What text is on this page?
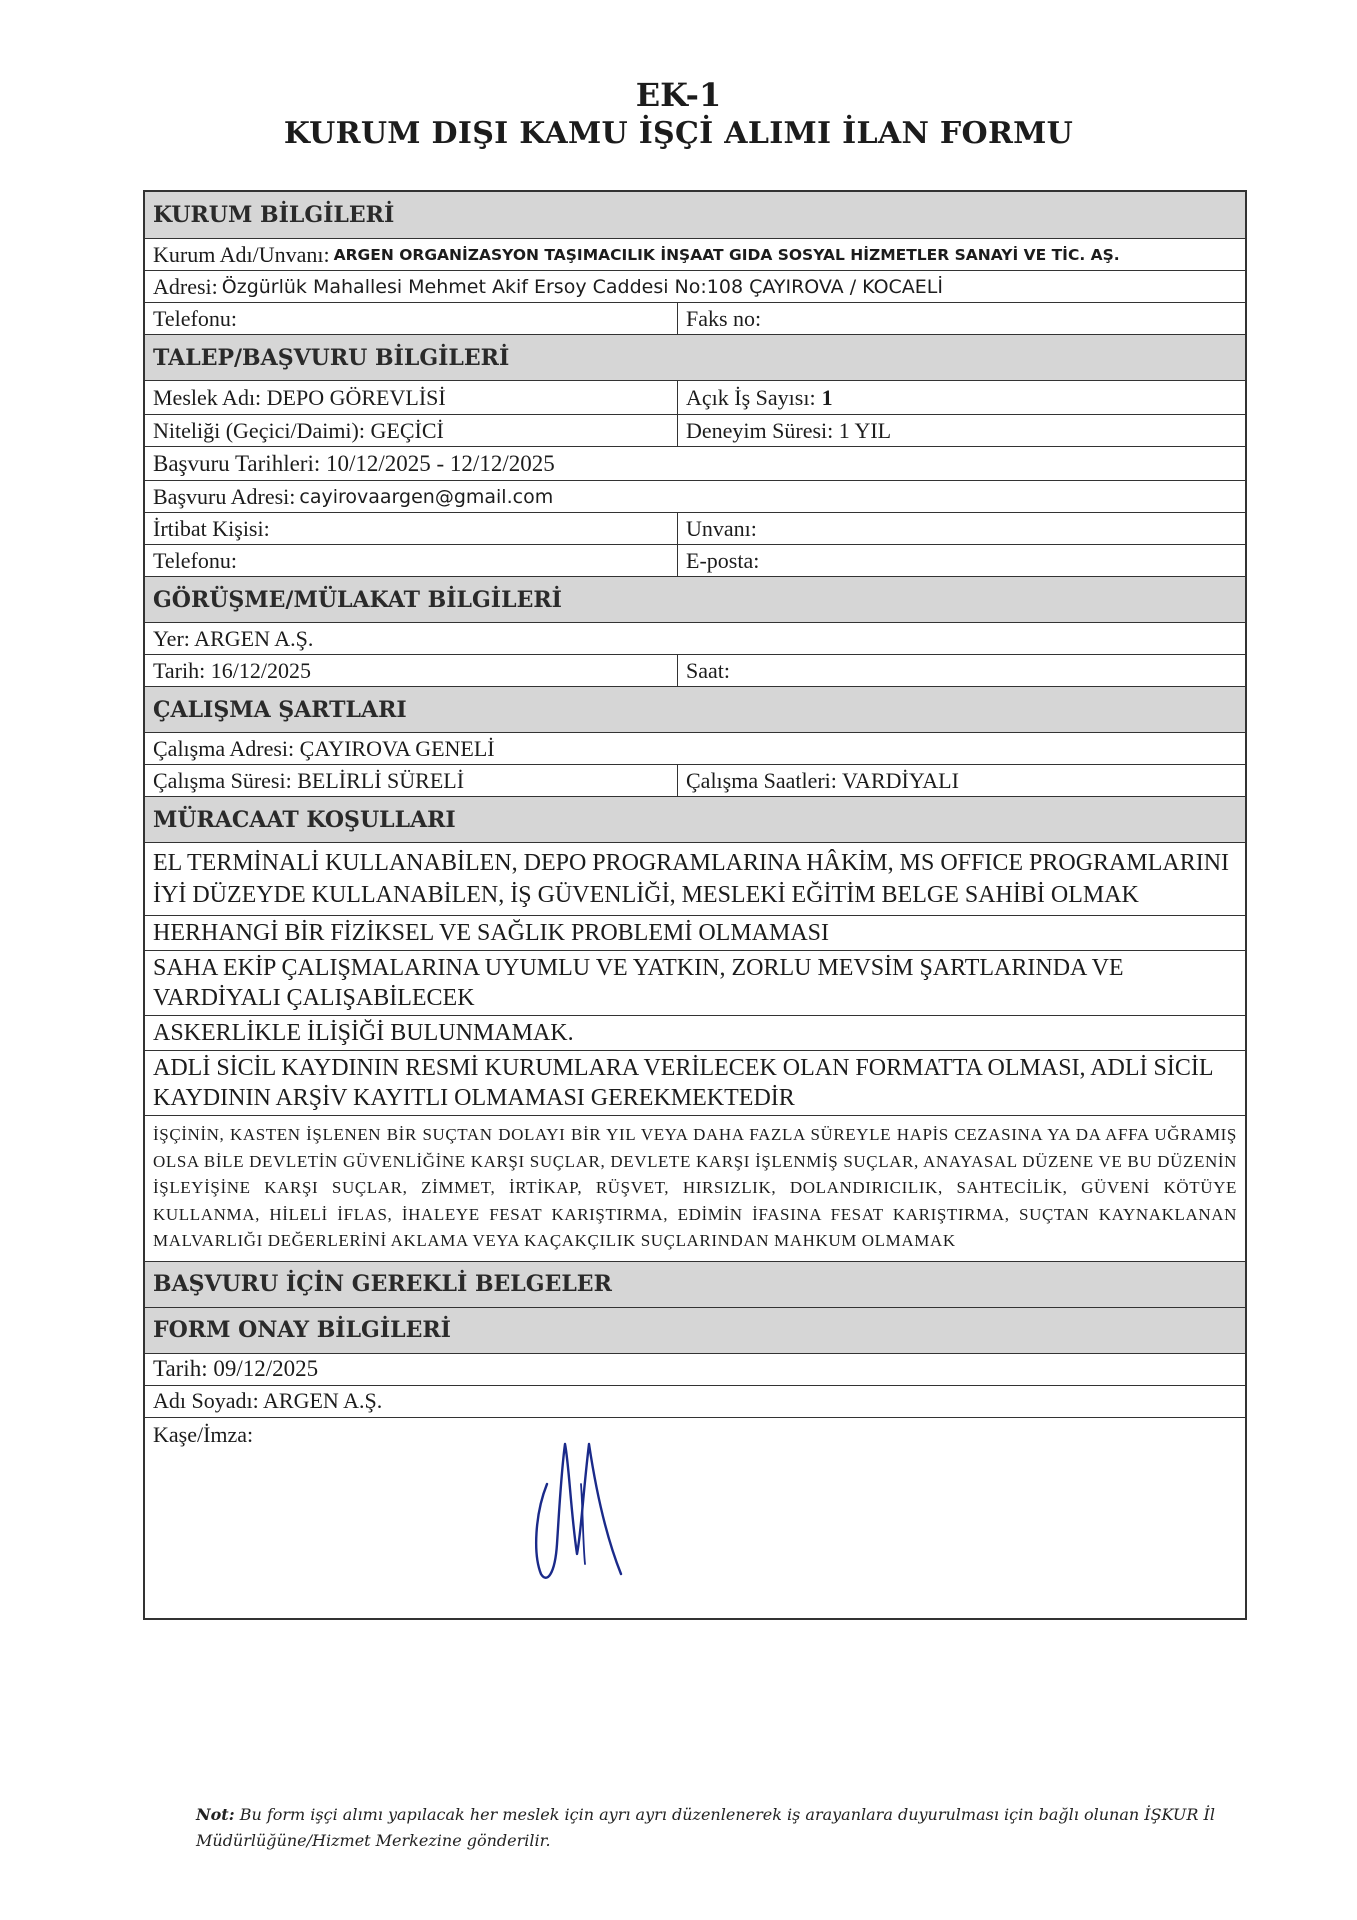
EK-1
KURUM DIŞI KAMU İŞÇİ ALIMI İLAN FORMU
KURUM BİLGİLERİ
Kurum Adı/Unvanı: ARGEN ORGANİZASYON TAŞIMACILIK İNŞAAT GIDA SOSYAL HİZMETLER SANAYİ VE TİC. AŞ.
Adresi: Özgürlük Mahallesi Mehmet Akif Ersoy Caddesi No:108 ÇAYIROVA / KOCAELİ
Telefonu:	Faks no:
TALEP/BAŞVURU BİLGİLERİ
Meslek Adı: DEPO GÖREVLİSİ	Açık İş Sayısı: 1
Niteliği (Geçici/Daimi): GEÇİCİ	Deneyim Süresi: 1 YIL
Başvuru Tarihleri: 10/12/2025 - 12/12/2025
Başvuru Adresi: cayirovaargen@gmail.com
İrtibat Kişisi:	Unvanı:
Telefonu:	E-posta:
GÖRÜŞME/MÜLAKAT BİLGİLERİ
Yer: ARGEN A.Ş.
Tarih: 16/12/2025	Saat:
ÇALIŞMA ŞARTLARI
Çalışma Adresi: ÇAYIROVA GENELİ
Çalışma Süresi: BELİRLİ SÜRELİ	Çalışma Saatleri: VARDİYALI
MÜRACAAT KOŞULLARI
EL TERMİNALİ KULLANABİLEN, DEPO PROGRAMLARINA HÂKİM, MS OFFICE PROGRAMLARINI İYİ DÜZEYDE KULLANABİLEN, İŞ GÜVENLİĞİ, MESLEKİ EĞİTİM BELGE SAHİBİ OLMAK
HERHANGİ BİR FİZİKSEL VE SAĞLIK PROBLEMİ OLMAMASI
SAHA EKİP ÇALIŞMALARINA UYUMLU VE YATKIN, ZORLU MEVSİM ŞARTLARINDA VE VARDİYALI ÇALIŞABİLECEK
ASKERLİKLE İLİŞİĞİ BULUNMAMAK.
ADLİ SİCİL KAYDININ RESMİ KURUMLARA VERİLECEK OLAN FORMATTA OLMASI, ADLİ SİCİL KAYDININ ARŞİV KAYITLI OLMAMASI GEREKMEKTEDİR
İŞÇİNİN, KASTEN İŞLENEN BİR SUÇTAN DOLAYI BİR YIL VEYA DAHA FAZLA SÜREYLE HAPİS CEZASINA YA DA AFFA UĞRAMIŞ OLSA BİLE DEVLETİN GÜVENLİĞİNE KARŞI SUÇLAR, DEVLETE KARŞI İŞLENMİŞ SUÇLAR, ANAYASAL DÜZENE VE BU DÜZENİN İŞLEYİŞİNE KARŞI SUÇLAR, ZİMMET, İRTİKAP, RÜŞVET, HIRSIZLIK, DOLANDIRICILIK, SAHTECİLİK, GÜVENİ KÖTÜYE KULLANMA, HİLELİ İFLAS, İHALEYE FESAT KARIŞTIRMA, EDİMİN İFASINA FESAT KARIŞTIRMA, SUÇTAN KAYNAKLANAN MALVARLIĞI DEĞERLERİNİ AKLAMA VEYA KAÇAKÇILIK SUÇLARINDAN MAHKUM OLMAMAK
BAŞVURU İÇİN GEREKLİ BELGELER
FORM ONAY BİLGİLERİ
Tarih: 09/12/2025
Adı Soyadı: ARGEN A.Ş.
Kaşe/İmza:
Not: Bu form işçi alımı yapılacak her meslek için ayrı ayrı düzenlenerek iş arayanlara duyurulması için bağlı olunan İŞKUR İl Müdürlüğüne/Hizmet Merkezine gönderilir.
